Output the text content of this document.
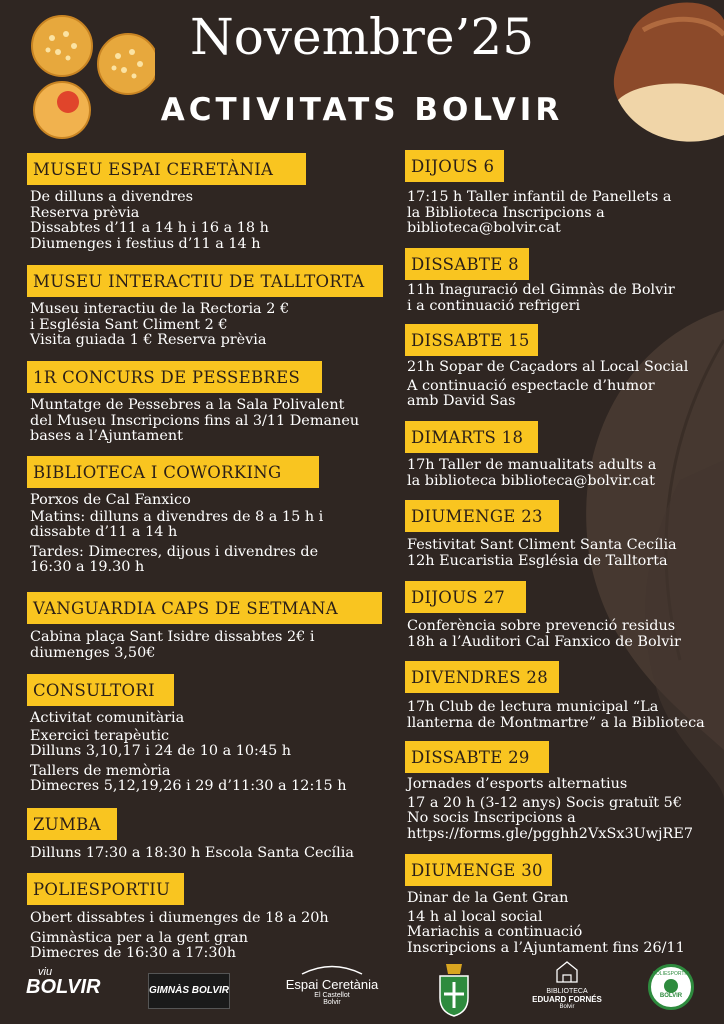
Novembre’25
ACTIVITATS BOLVIR
MUSEU ESPAI CERETÀNIA
De dilluns a divendres
Reserva prèvia
Dissabtes d’11 a 14 h i 16 a 18 h
Diumenges i festius d’11 a 14 h
MUSEU INTERACTIU DE TALLTORTA
Museu interactiu de la Rectoria 2 €
i Església Sant Climent 2 €
Visita guiada 1 € Reserva prèvia
1R CONCURS DE PESSEBRES
Muntatge de Pessebres a la Sala Polivalent
del Museu Inscripcions fins al 3/11 Demaneu
bases a l’Ajuntament
BIBLIOTECA I COWORKING
Porxos de Cal Fanxico
Matins: dilluns a divendres de 8 a 15 h i
dissabte d’11 a 14 h
Tardes: Dimecres, dijous i divendres de
16:30 a 19.30 h
VANGUARDIA CAPS DE SETMANA
Cabina plaça Sant Isidre dissabtes 2€ i
diumenges 3,50€
CONSULTORI
Activitat comunitària
Exercici terapèutic
Dilluns 3,10,17 i 24 de 10 a 10:45 h
Tallers de memòria
Dimecres 5,12,19,26 i 29 d’11:30 a 12:15 h
ZUMBA
Dilluns 17:30 a 18:30 h Escola Santa Cecília
POLIESPORTIU
Obert dissabtes i diumenges de 18 a 20h
Gimnàstica per a la gent gran
Dimecres de 16:30 a 17:30h
DIJOUS 6
17:15 h Taller infantil de Panellets a
la Biblioteca Inscripcions a
biblioteca@bolvir.cat
DISSABTE 8
11h Inaguració del Gimnàs de Bolvir
i a continuació refrigeri
DISSABTE 15
21h Sopar de Caçadors al Local Social
A continuació espectacle d’humor
amb David Sas
DIMARTS 18
17h Taller de manualitats adults a
la biblioteca biblioteca@bolvir.cat
DIUMENGE 23
Festivitat Sant Climent Santa Cecília
12h Eucaristia Església de Talltorta
DIJOUS 27
Conferència sobre prevenció residus
18h a l’Auditori Cal Fanxico de Bolvir
DIVENDRES 28
17h Club de lectura municipal “La
llanterna de Montmartre” a la Biblioteca
DISSABTE 29
Jornades d’esports alternatius
17 a 20 h (3-12 anys) Socis gratuït 5€
No socis Inscripcions a
https://forms.gle/pgghh2VxSx3UwjRE7
DIUMENGE 30
Dinar de la Gent Gran
14 h al local social
Mariachis a continuació
Inscripcions a l’Ajuntament fins 26/11
viu
BOLVIR	GIMNÀS BOLVIR	Espai Ceretània
El Castellot
Bolvir
BIBLIOTECA
EDUARD FORNÉS
Bolvir
POLIESPORTIU
BOLVIR
